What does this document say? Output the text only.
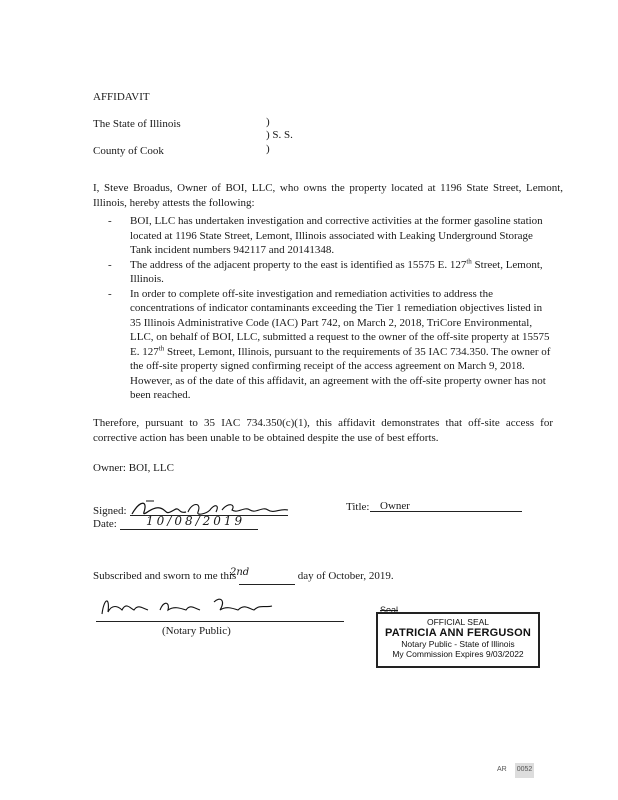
AFFIDAVIT
The State of Illinois
County of Cook
)
) S. S.
)
I, Steve Broadus, Owner of BOI, LLC, who owns the property located at 1196 State Street, Lemont, Illinois, hereby attests the following:
- BOI, LLC has undertaken investigation and corrective activities at the former gasoline station located at 1196 State Street, Lemont, Illinois associated with Leaking Underground Storage Tank incident numbers 942117 and 20141348.
- The address of the adjacent property to the east is identified as 15575 E. 127th Street, Lemont, Illinois.
- In order to complete off-site investigation and remediation activities to address the concentrations of indicator contaminants exceeding the Tier 1 remediation objectives listed in 35 Illinois Administrative Code (IAC) Part 742, on March 2, 2018, TriCore Environmental, LLC, on behalf of BOI, LLC, submitted a request to the owner of the off-site property at 15575 E. 127th Street, Lemont, Illinois, pursuant to the requirements of 35 IAC 734.350. The owner of the off-site property signed confirming receipt of the access agreement on March 9, 2018. However, as of the date of this affidavit, an agreement with the off-site property owner has not been reached.
Therefore, pursuant to 35 IAC 734.350(c)(1), this affidavit demonstrates that off-site access for corrective action has been unable to be obtained despite the use of best efforts.
Owner: BOI, LLC
Signed:
Date: 10/08/2019
Title: Owner
Subscribed and sworn to me this	day of October, 2019.
2nd
(Notary Public)
Seal
OFFICIAL SEAL
PATRICIA ANN FERGUSON
Notary Public - State of Illinois
My Commission Expires 9/03/2022
AR 0052
